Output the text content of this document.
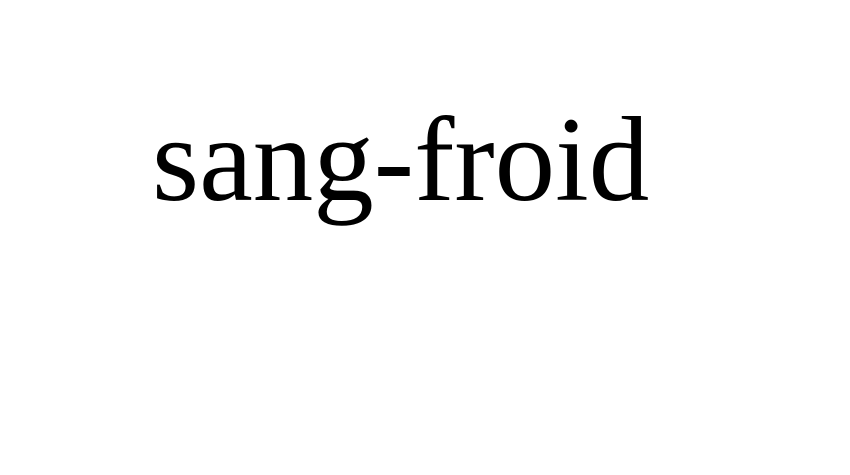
sang-froid
